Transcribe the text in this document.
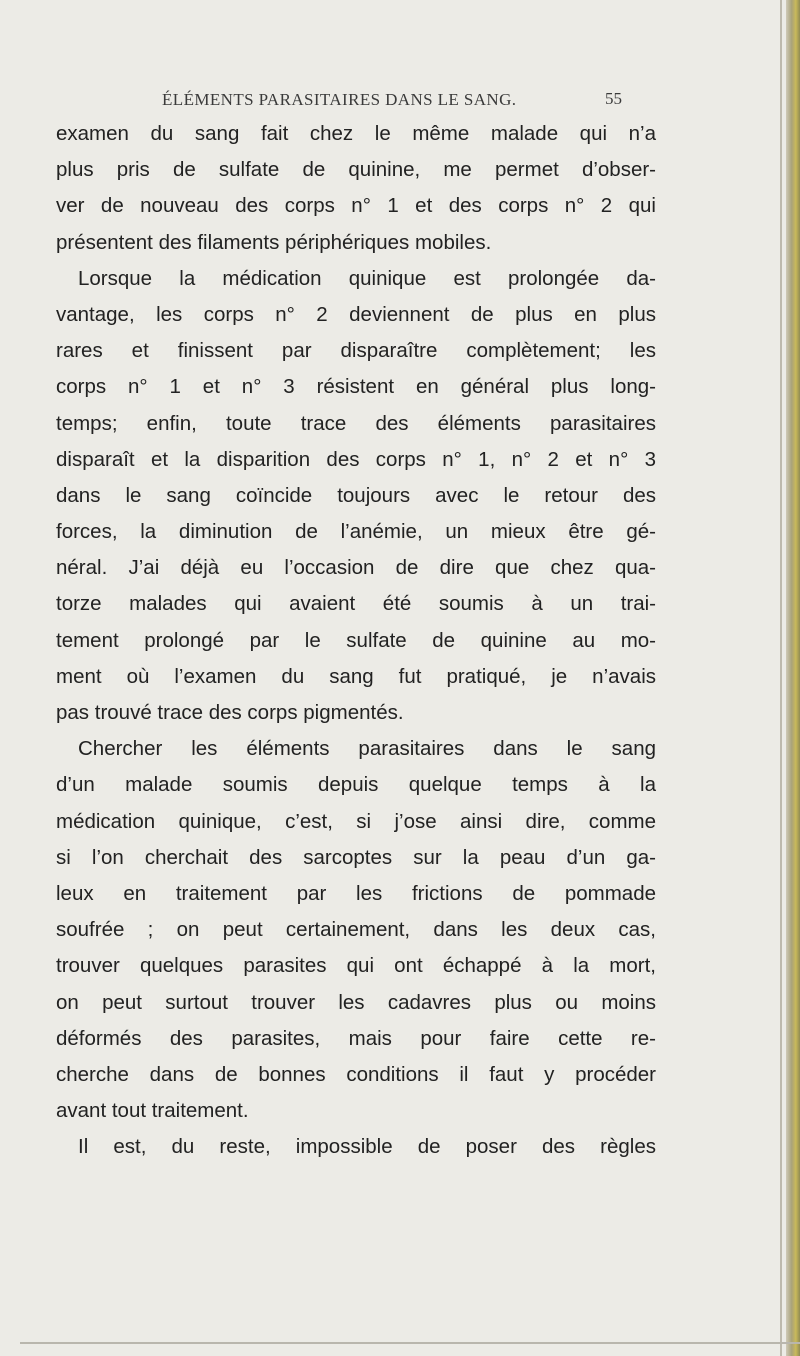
ÉLÉMENTS PARASITAIRES DANS LE SANG.	55
examen du sang fait chez le même malade qui n’a
plus pris de sulfate de quinine, me permet d’obser-
ver de nouveau des corps n° 1 et des corps n° 2 qui
présentent des filaments périphériques mobiles.
Lorsque la médication quinique est prolongée da-
vantage, les corps n° 2 deviennent de plus en plus
rares et finissent par disparaître complètement; les
corps n° 1 et n° 3 résistent en général plus long-
temps; enfin, toute trace des éléments parasitaires
disparaît et la disparition des corps n° 1, n° 2 et n° 3
dans le sang coïncide toujours avec le retour des
forces, la diminution de l’anémie, un mieux être gé-
néral. J’ai déjà eu l’occasion de dire que chez qua-
torze malades qui avaient été soumis à un trai-
tement prolongé par le sulfate de quinine au mo-
ment où l’examen du sang fut pratiqué, je n’avais
pas trouvé trace des corps pigmentés.
Chercher les éléments parasitaires dans le sang
d’un malade soumis depuis quelque temps à la
médication quinique, c’est, si j’ose ainsi dire, comme
si l’on cherchait des sarcoptes sur la peau d’un ga-
leux en traitement par les frictions de pommade
soufrée ; on peut certainement, dans les deux cas,
trouver quelques parasites qui ont échappé à la mort,
on peut surtout trouver les cadavres plus ou moins
déformés des parasites, mais pour faire cette re-
cherche dans de bonnes conditions il faut y procéder
avant tout traitement.
Il est, du reste, impossible de poser des règles
